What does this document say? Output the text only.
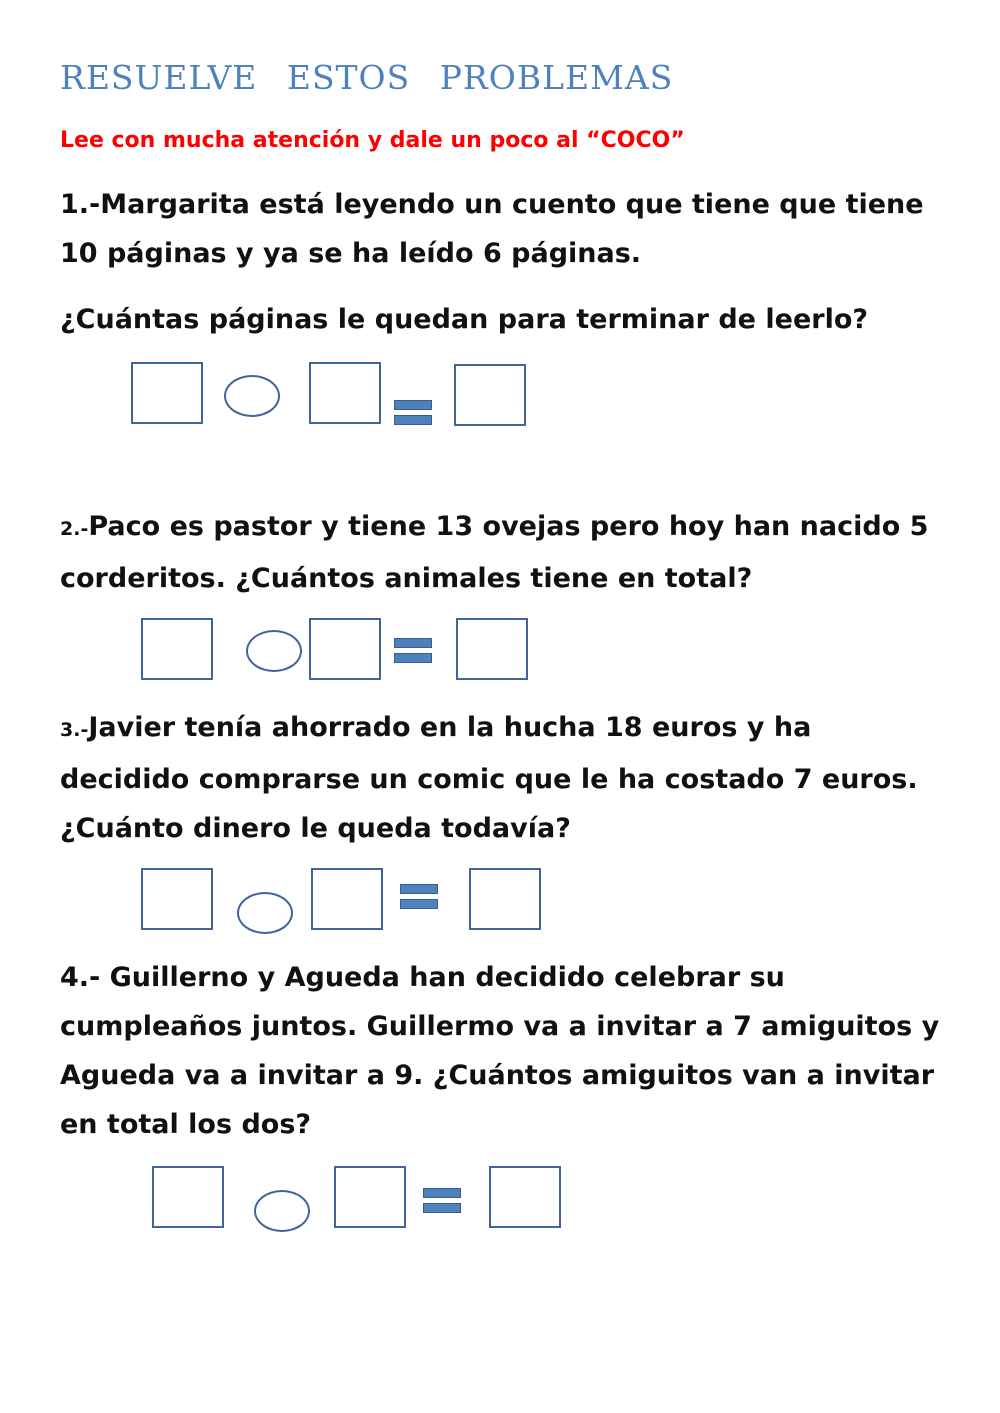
RESUELVE ESTOS PROBLEMAS
Lee con mucha atención y dale un poco al “COCO”

1.-Margarita está leyendo un cuento que tiene que tiene 10 páginas y ya se ha leído 6 páginas.

¿Cuántas páginas le quedan para terminar de leerlo?

2.-Paco es pastor y tiene 13 ovejas pero hoy han nacido 5 corderitos. ¿Cuántos animales tiene en total?

3.-Javier tenía ahorrado en la hucha 18 euros y ha decidido comprarse un comic que le ha costado 7 euros. ¿Cuánto dinero le queda todavía?

4.- Guillerno y Agueda han decidido celebrar su cumpleaños juntos. Guillermo va a invitar a 7 amiguitos y Agueda va a invitar a 9. ¿Cuántos amiguitos van a invitar en total los dos?
